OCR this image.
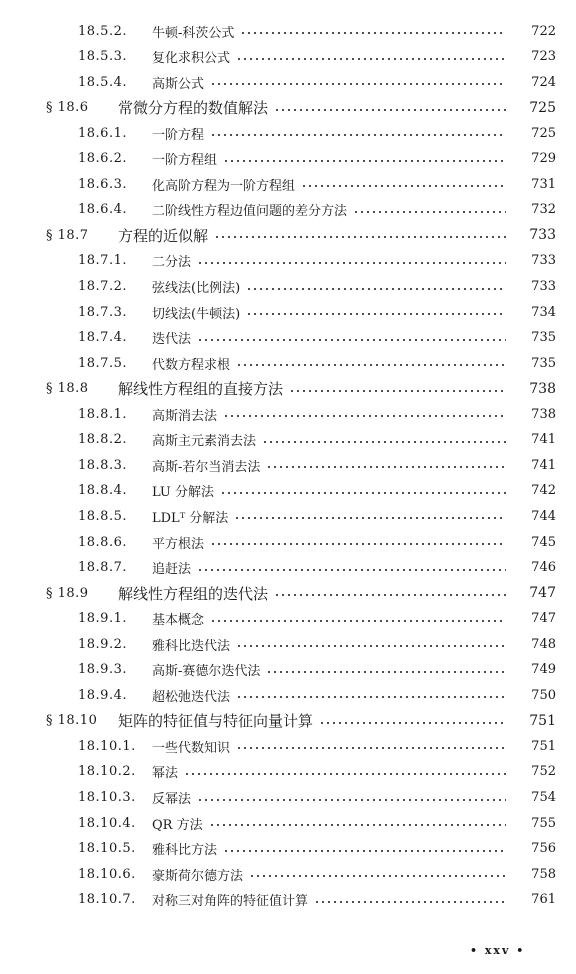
18.5.2. 牛顿-科茨公式	722
18.5.3. 复化求积公式	723
18.5.4. 高斯公式	724
§ 18.6 常微分方程的数值解法	725
18.6.1. 一阶方程	725
18.6.2. 一阶方程组	729
18.6.3. 化高阶方程为一阶方程组	731
18.6.4. 二阶线性方程边值问题的差分方法	732
§ 18.7 方程的近似解	733
18.7.1. 二分法	733
18.7.2. 弦线法(比例法)	733
18.7.3. 切线法(牛顿法)	734
18.7.4. 迭代法	735
18.7.5. 代数方程求根	735
§ 18.8 解线性方程组的直接方法	738
18.8.1. 高斯消去法	738
18.8.2. 高斯主元素消去法	741
18.8.3. 高斯-若尔当消去法	741
18.8.4. LU 分解法	742
18.8.5. LDLᵀ 分解法	744
18.8.6. 平方根法	745
18.8.7. 追赶法	746
§ 18.9 解线性方程组的迭代法	747
18.9.1. 基本概念	747
18.9.2. 雅科比迭代法	748
18.9.3. 高斯-赛德尔迭代法	749
18.9.4. 超松弛迭代法	750
§ 18.10 矩阵的特征值与特征向量计算	751
18.10.1. 一些代数知识	751
18.10.2. 幂法	752
18.10.3. 反幂法	754
18.10.4. QR 方法	755
18.10.5. 雅科比方法	756
18.10.6. 豪斯荷尔德方法	758
18.10.7. 对称三对角阵的特征值计算	761
• xxv •
